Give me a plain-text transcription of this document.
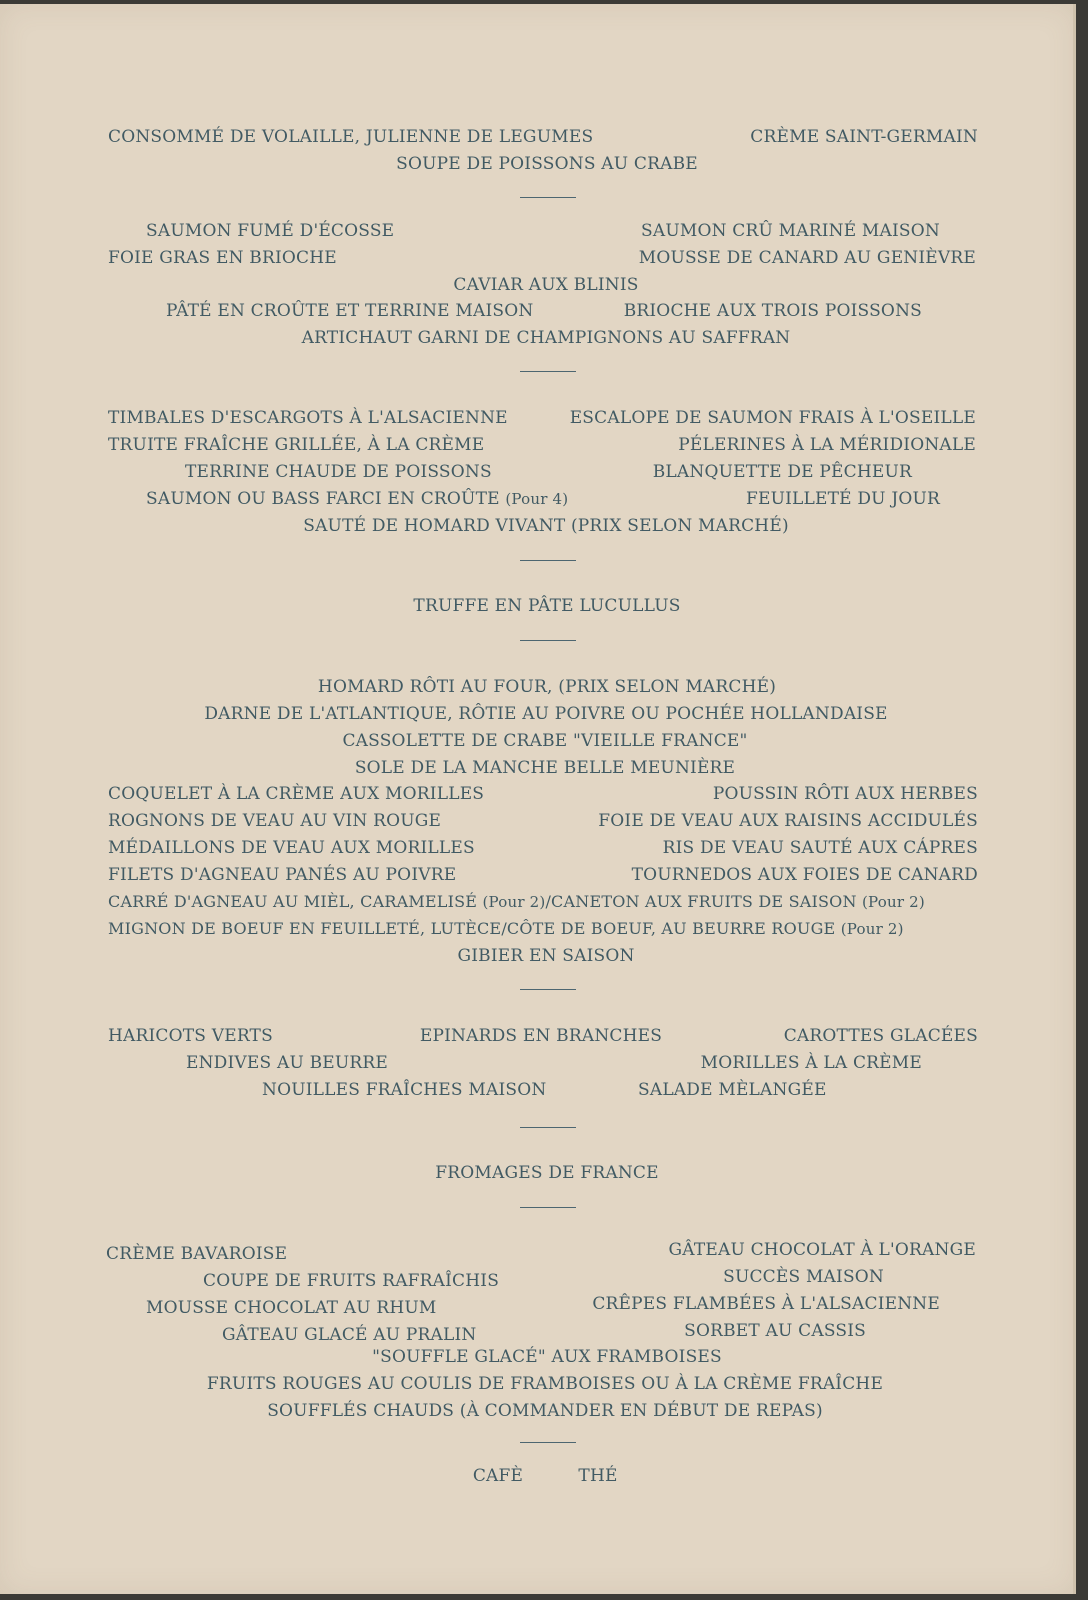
CONSOMMÉ DE VOLAILLE, JULIENNE DE LEGUMES	CRÈME SAINT-GERMAIN
SOUPE DE POISSONS AU CRABE
SAUMON FUMÉ D'ÉCOSSE	SAUMON CRÛ MARINÉ MAISON
FOIE GRAS EN BRIOCHE	MOUSSE DE CANARD AU GENIÈVRE
CAVIAR AUX BLINIS
PÂTÉ EN CROÛTE ET TERRINE MAISON	BRIOCHE AUX TROIS POISSONS
ARTICHAUT GARNI DE CHAMPIGNONS AU SAFFRAN
TIMBALES D'ESCARGOTS À L'ALSACIENNE	ESCALOPE DE SAUMON FRAIS À L'OSEILLE
TRUITE FRAÎCHE GRILLÉE, À LA CRÈME	PÉLERINES À LA MÉRIDIONALE
TERRINE CHAUDE DE POISSONS	BLANQUETTE DE PÊCHEUR
SAUMON OU BASS FARCI EN CROÛTE (Pour 4)	FEUILLETÉ DU JOUR
SAUTÉ DE HOMARD VIVANT (PRIX SELON MARCHÉ)
TRUFFE EN PÂTE LUCULLUS
HOMARD RÔTI AU FOUR, (PRIX SELON MARCHÉ)
DARNE DE L'ATLANTIQUE, RÔTIE AU POIVRE OU POCHÉE HOLLANDAISE
CASSOLETTE DE CRABE "VIEILLE FRANCE"
SOLE DE LA MANCHE BELLE MEUNIÈRE
COQUELET À LA CRÈME AUX MORILLES	POUSSIN RÔTI AUX HERBES
ROGNONS DE VEAU AU VIN ROUGE	FOIE DE VEAU AUX RAISINS ACCIDULÉS
MÉDAILLONS DE VEAU AUX MORILLES	RIS DE VEAU SAUTÉ AUX CÁPRES
FILETS D'AGNEAU PANÉS AU POIVRE	TOURNEDOS AUX FOIES DE CANARD
CARRÉ D'AGNEAU AU MIÈL, CARAMELISÉ (Pour 2)/CANETON AUX FRUITS DE SAISON (Pour 2)
MIGNON DE BOEUF EN FEUILLETÉ, LUTÈCE/CÔTE DE BOEUF, AU BEURRE ROUGE (Pour 2)
GIBIER EN SAISON
HARICOTS VERTS	EPINARDS EN BRANCHES	CAROTTES GLACÉES
ENDIVES AU BEURRE	MORILLES À LA CRÈME
NOUILLES FRAÎCHES MAISON	SALADE MÈLANGÉE
FROMAGES DE FRANCE
CRÈME BAVAROISE	GÂTEAU CHOCOLAT À L'ORANGE
COUPE DE FRUITS RAFRAÎCHIS	SUCCÈS MAISON
MOUSSE CHOCOLAT AU RHUM	CRÊPES FLAMBÉES À L'ALSACIENNE
GÂTEAU GLACÉ AU PRALIN	SORBET AU CASSIS
"SOUFFLE GLACÉ" AUX FRAMBOISES
FRUITS ROUGES AU COULIS DE FRAMBOISES OU À LA CRÈME FRAÎCHE
SOUFFLÉS CHAUDS (À COMMANDER EN DÉBUT DE REPAS)
CAFÈ	THÉ
